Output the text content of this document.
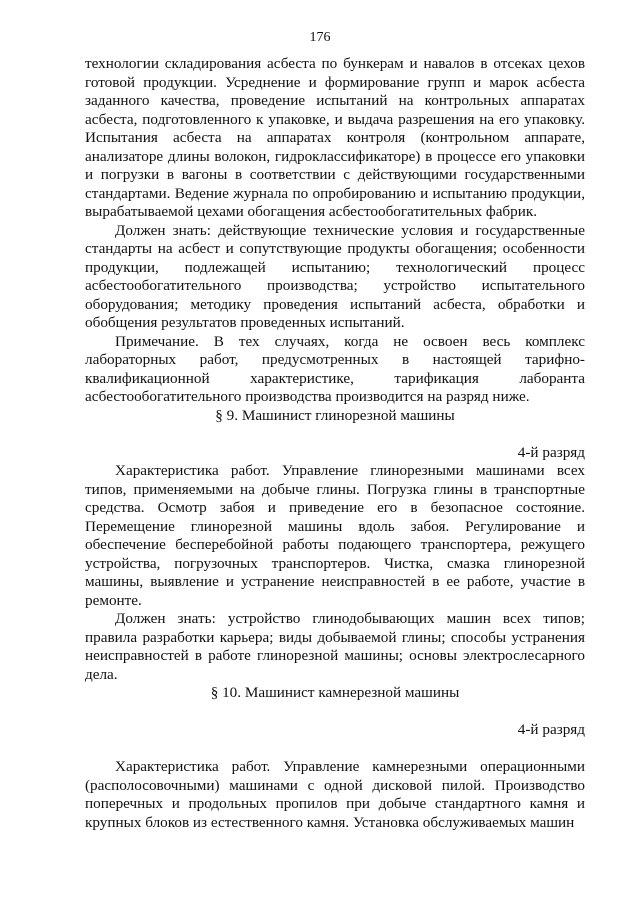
176

технологии складирования асбеста по бункерам и навалов в отсеках цехов готовой продукции. Усреднение и формирование групп и марок асбеста заданного качества, проведение испытаний на контрольных аппаратах асбеста, подготовленного к упаковке, и выдача разрешения на его упаковку. Испытания асбеста на аппаратах контроля (контрольном аппарате, анализаторе длины волокон, гидроклассификаторе) в процессе его упаковки и погрузки в вагоны в соответствии с действующими государственными стандартами. Ведение журнала по опробированию и испытанию продукции, вырабатываемой цехами обогащения асбестообогатительных фабрик.

Должен знать: действующие технические условия и государственные стандарты на асбест и сопутствующие продукты обогащения; особенности продукции, подлежащей испытанию; технологический процесс асбестообогатительного производства; устройство испытательного оборудования; методику проведения испытаний асбеста, обработки и обобщения результатов проведенных испытаний.

Примечание. В тех случаях, когда не освоен весь комплекс лабораторных работ, предусмотренных в настоящей тарифно-квалификационной характеристике, тарификация лаборанта асбестообогатительного производства производится на разряд ниже.

§ 9. Машинист глинорезной машины
4-й разряд

Характеристика работ. Управление глинорезными машинами всех типов, применяемыми на добыче глины. Погрузка глины в транспортные средства. Осмотр забоя и приведение его в безопасное состояние. Перемещение глинорезной машины вдоль забоя. Регулирование и обеспечение бесперебойной работы подающего транспортера, режущего устройства, погрузочных транспортеров. Чистка, смазка глинорезной машины, выявление и устранение неисправностей в ее работе, участие в ремонте.

Должен знать: устройство глинодобывающих машин всех типов; правила разработки карьера; виды добываемой глины; способы устранения неисправностей в работе глинорезной машины; основы электрослесарного дела.

§ 10. Машинист камнерезной машины
4-й разряд

Характеристика работ. Управление камнерезными операционными (располосовочными) машинами с одной дисковой пилой. Производство поперечных и продольных пропилов при добыче стандартного камня и крупных блоков из естественного камня. Установка обслуживаемых машин
